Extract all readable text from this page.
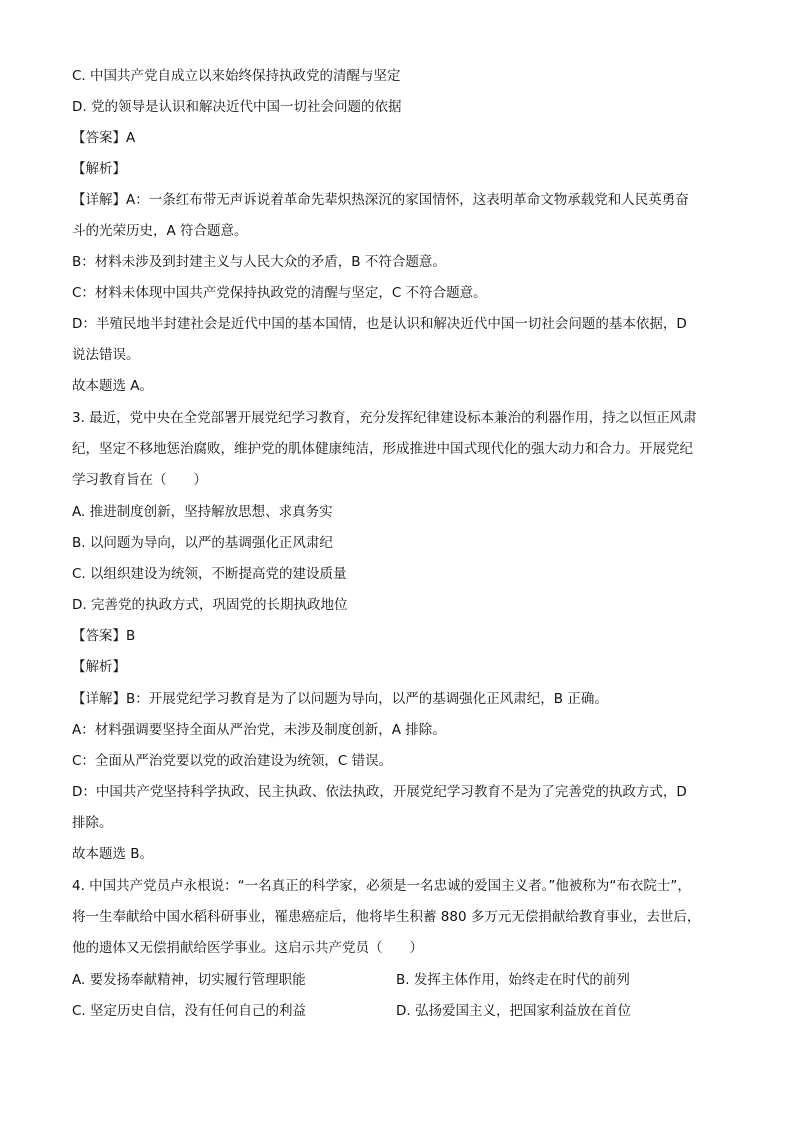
C. 中国共产党自成立以来始终保持执政党的清醒与坚定
D. 党的领导是认识和解决近代中国一切社会问题的依据
【答案】A
【解析】
【详解】A：一条红布带无声诉说着革命先辈炽热深沉的家国情怀，这表明革命文物承载党和人民英勇奋
斗的光荣历史，A 符合题意。
B：材料未涉及到封建主义与人民大众的矛盾，B 不符合题意。
C：材料未体现中国共产党保持执政党的清醒与坚定，C 不符合题意。
D：半殖民地半封建社会是近代中国的基本国情，也是认识和解决近代中国一切社会问题的基本依据，D
说法错误。
故本题选 A。
3. 最近，党中央在全党部署开展党纪学习教育，充分发挥纪律建设标本兼治的利器作用，持之以恒正风肃
纪，坚定不移地惩治腐败，维护党的肌体健康纯洁，形成推进中国式现代化的强大动力和合力。开展党纪
学习教育旨在（　　）
A. 推进制度创新，坚持解放思想、求真务实
B. 以问题为导向，以严的基调强化正风肃纪
C. 以组织建设为统领，不断提高党的建设质量
D. 完善党的执政方式，巩固党的长期执政地位
【答案】B
【解析】
【详解】B：开展党纪学习教育是为了以问题为导向，以严的基调强化正风肃纪，B 正确。
A：材料强调要坚持全面从严治党，未涉及制度创新，A 排除。
C：全面从严治党要以党的政治建设为统领，C 错误。
D：中国共产党坚持科学执政、民主执政、依法执政，开展党纪学习教育不是为了完善党的执政方式，D
排除。
故本题选 B。
4. 中国共产党员卢永根说：“一名真正的科学家，必须是一名忠诚的爱国主义者。”他被称为“布衣院士”，
将一生奉献给中国水稻科研事业，罹患癌症后，他将毕生积蓄 880 多万元无偿捐献给教育事业，去世后，
他的遗体又无偿捐献给医学事业。这启示共产党员（　　）
A. 要发扬奉献精神，切实履行管理职能	B. 发挥主体作用，始终走在时代的前列
C. 坚定历史自信，没有任何自己的利益	D. 弘扬爱国主义，把国家利益放在首位
